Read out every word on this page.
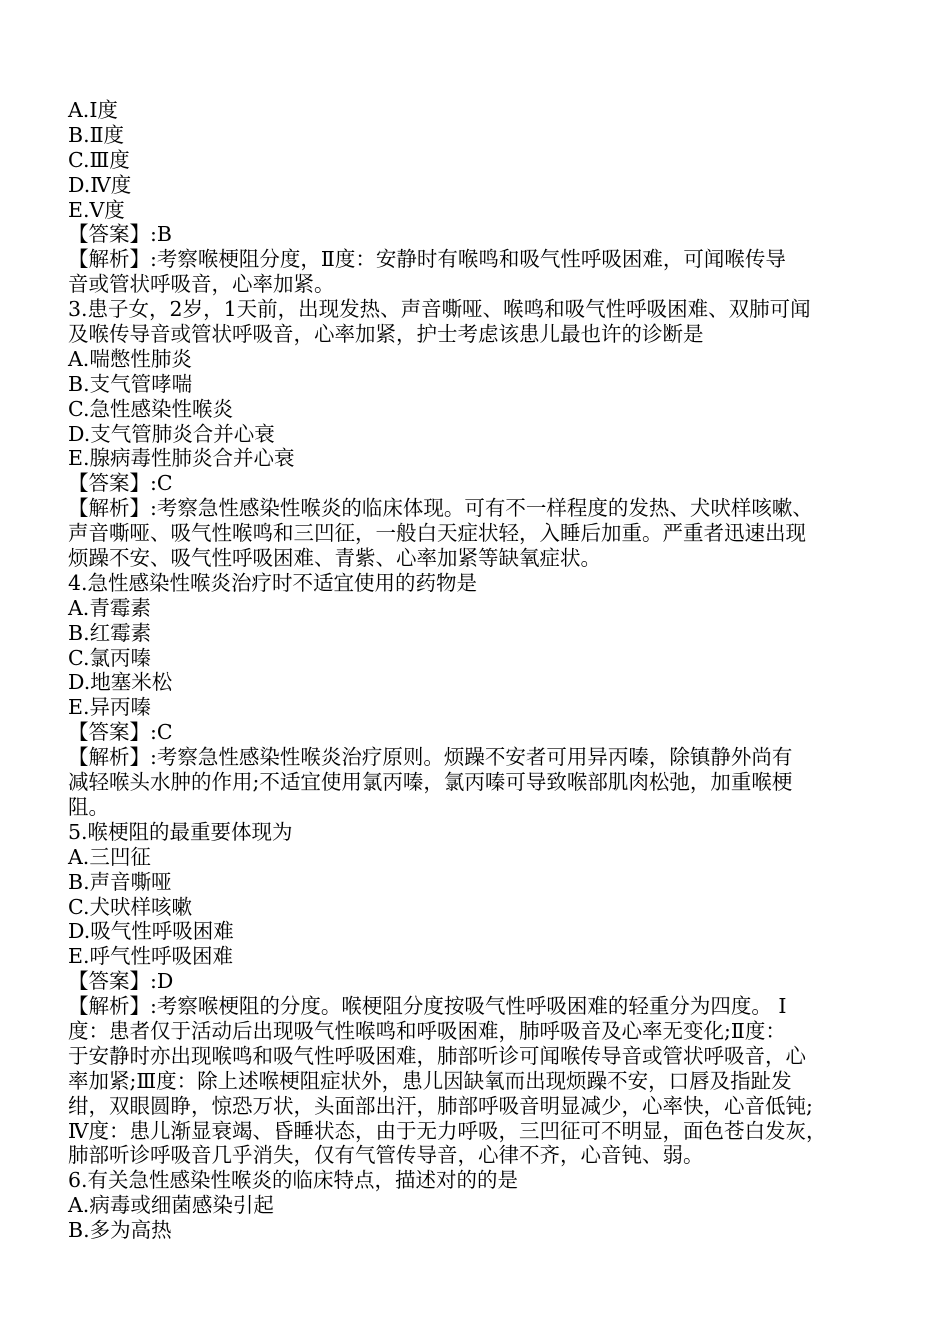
A.Ⅰ度
B.Ⅱ度
C.Ⅲ度
D.Ⅳ度
E.Ⅴ度
【答案】:B
【解析】:考察喉梗阻分度，Ⅱ度：安静时有喉鸣和吸气性呼吸困难，可闻喉传导
音或管状呼吸音，心率加紧。
3.患子女，2岁，1天前，出现发热、声音嘶哑、喉鸣和吸气性呼吸困难、双肺可闻
及喉传导音或管状呼吸音，心率加紧，护士考虑该患儿最也许的诊断是
A.喘憋性肺炎
B.支气管哮喘
C.急性感染性喉炎
D.支气管肺炎合并心衰
E.腺病毒性肺炎合并心衰
【答案】:C
【解析】:考察急性感染性喉炎的临床体现。可有不一样程度的发热、犬吠样咳嗽、
声音嘶哑、吸气性喉鸣和三凹征，一般白天症状轻，入睡后加重。严重者迅速出现
烦躁不安、吸气性呼吸困难、青紫、心率加紧等缺氧症状。
4.急性感染性喉炎治疗时不适宜使用的药物是
A.青霉素
B.红霉素
C.氯丙嗪
D.地塞米松
E.异丙嗪
【答案】:C
【解析】:考察急性感染性喉炎治疗原则。烦躁不安者可用异丙嗪，除镇静外尚有
减轻喉头水肿的作用;不适宜使用氯丙嗪，氯丙嗪可导致喉部肌肉松弛，加重喉梗
阻。
5.喉梗阻的最重要体现为
A.三凹征
B.声音嘶哑
C.犬吠样咳嗽
D.吸气性呼吸困难
E.呼气性呼吸困难
【答案】:D
【解析】:考察喉梗阻的分度。喉梗阻分度按吸气性呼吸困难的轻重分为四度。 Ⅰ
度：患者仅于活动后出现吸气性喉鸣和呼吸困难，肺呼吸音及心率无变化;Ⅱ度：
于安静时亦出现喉鸣和吸气性呼吸困难，肺部听诊可闻喉传导音或管状呼吸音，心
率加紧;Ⅲ度：除上述喉梗阻症状外，患儿因缺氧而出现烦躁不安，口唇及指趾发
绀，双眼圆睁，惊恐万状，头面部出汗，肺部呼吸音明显减少，心率快，心音低钝;
Ⅳ度：患儿渐显衰竭、昏睡状态，由于无力呼吸，三凹征可不明显，面色苍白发灰，
肺部听诊呼吸音几乎消失，仅有气管传导音，心律不齐，心音钝、弱。
6.有关急性感染性喉炎的临床特点，描述对的的是
A.病毒或细菌感染引起
B.多为高热
